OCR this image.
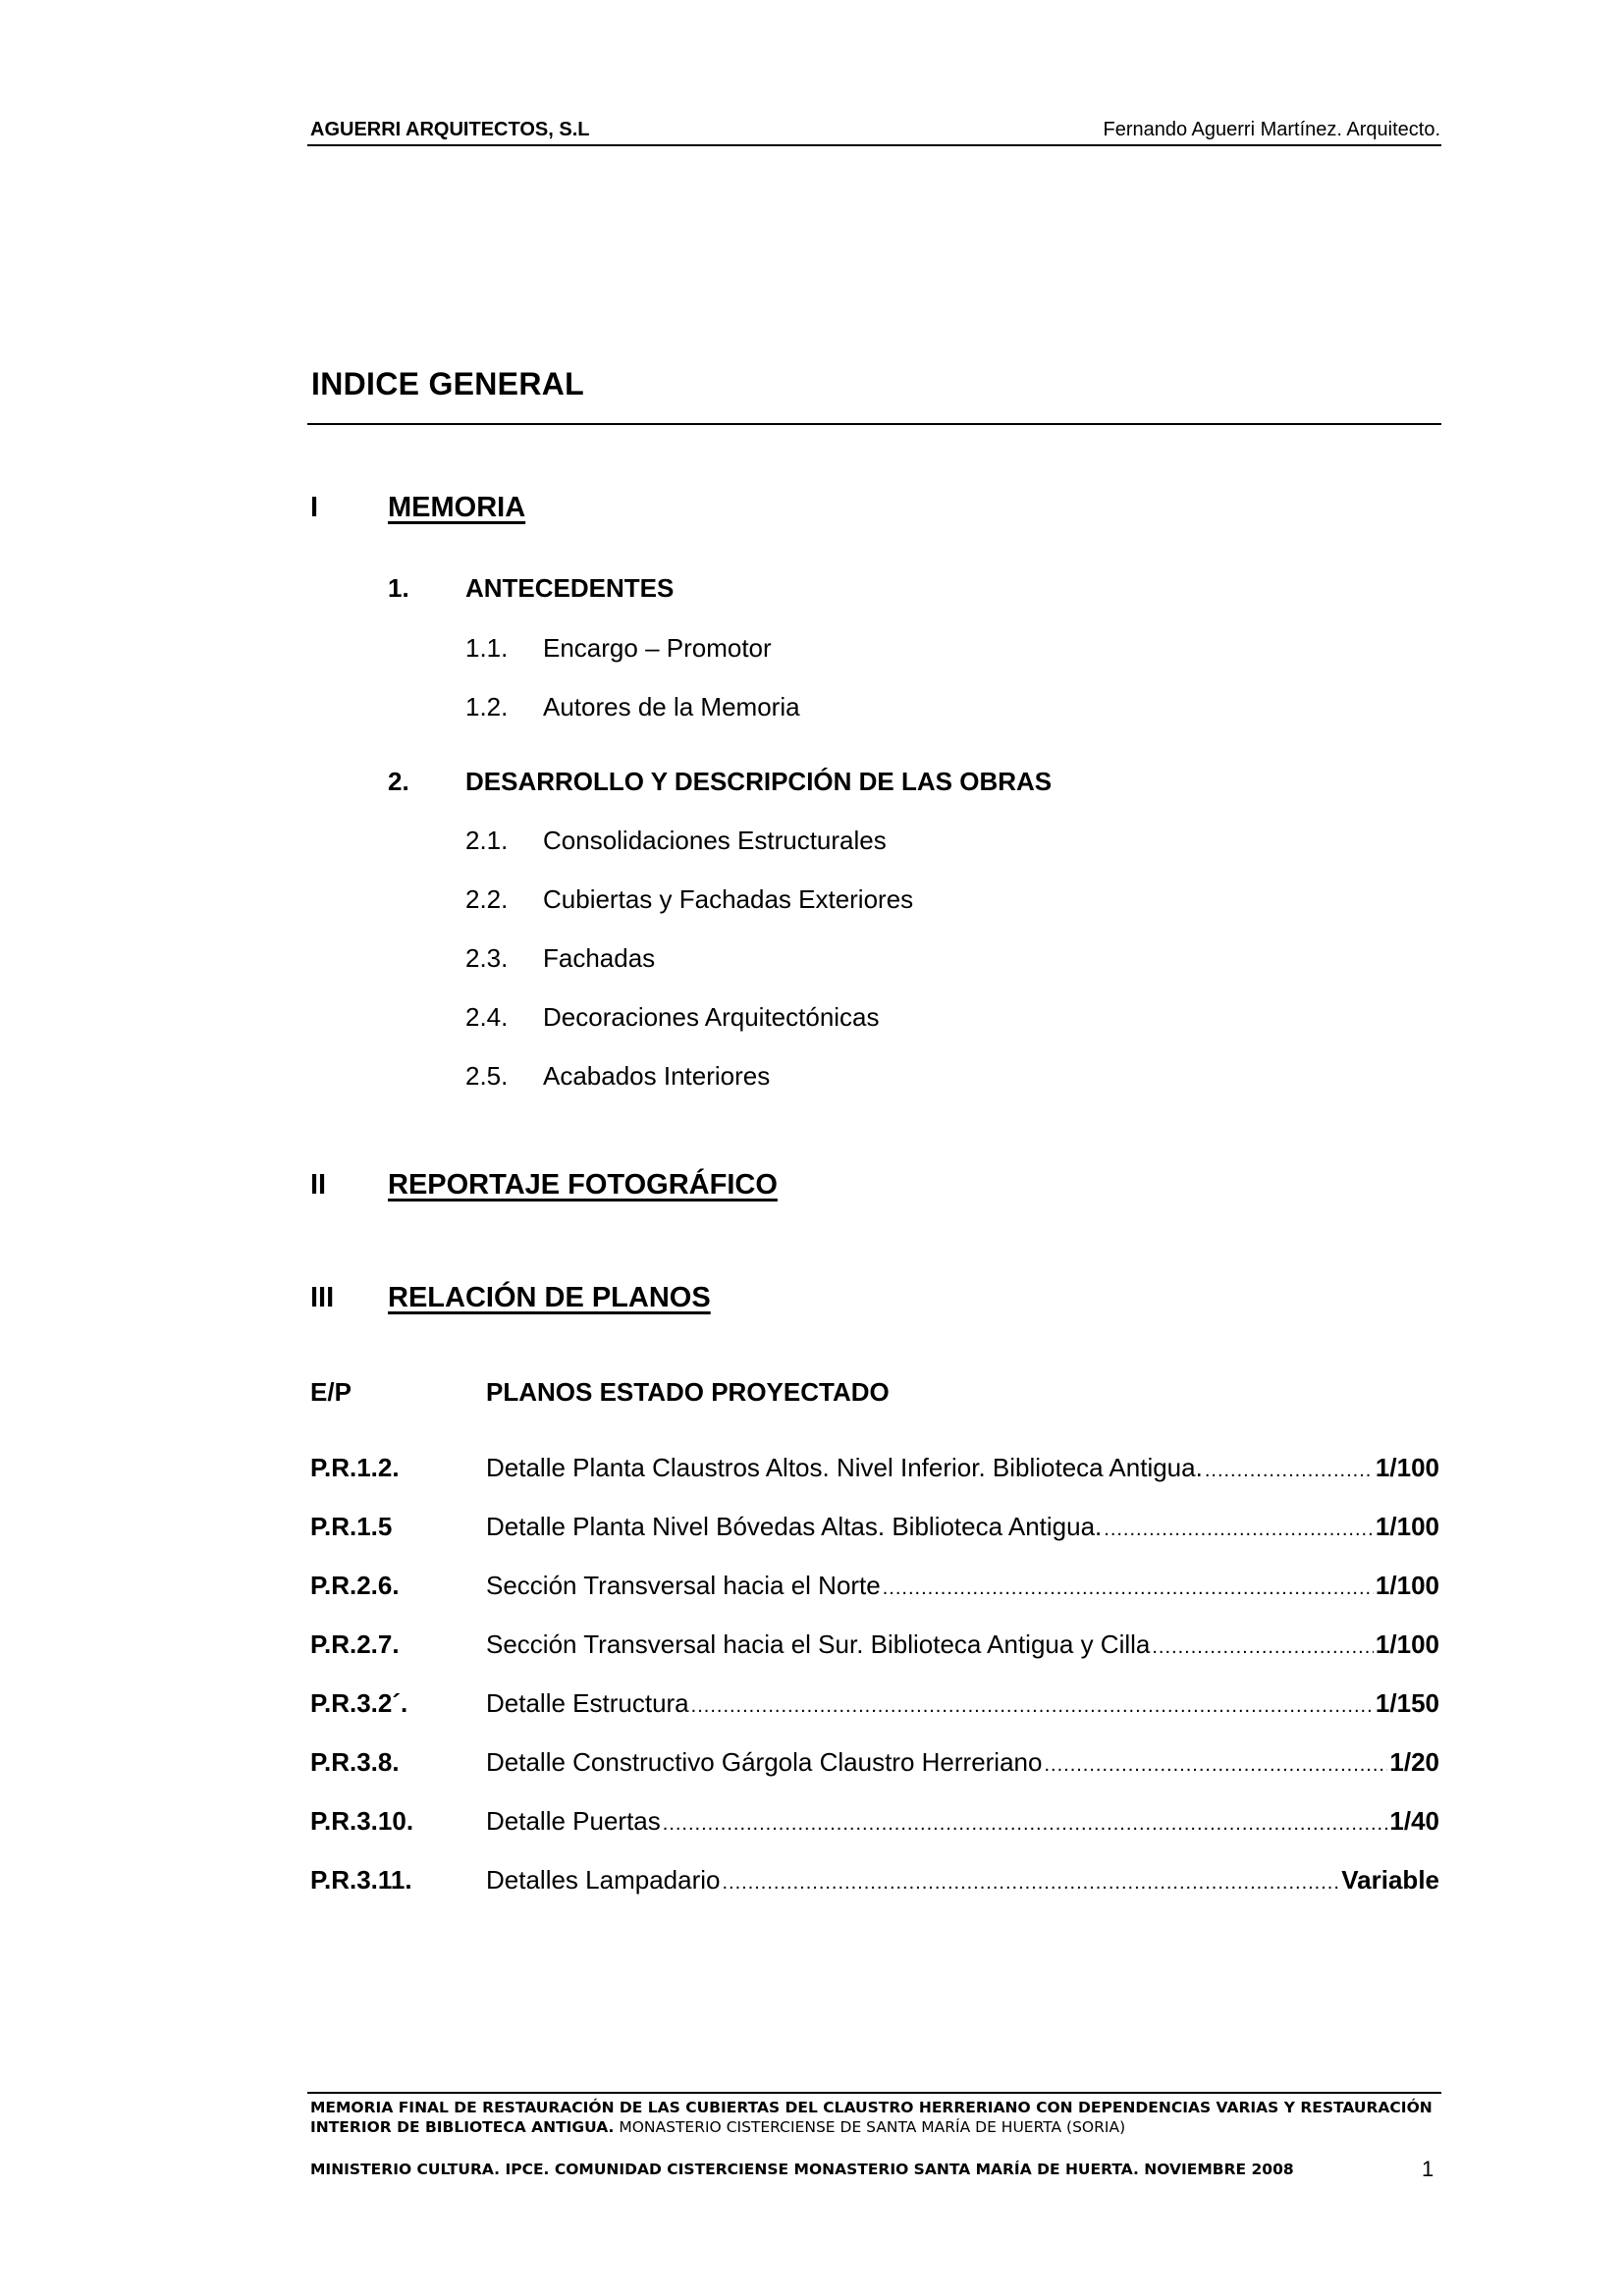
AGUERRI ARQUITECTOS, S.L	Fernando Aguerri Martínez. Arquitecto.
INDICE GENERAL
I MEMORIA
1. ANTECEDENTES
1.1. Encargo – Promotor
1.2. Autores de la Memoria
2. DESARROLLO Y DESCRIPCIÓN DE LAS OBRAS
2.1. Consolidaciones Estructurales
2.2. Cubiertas y Fachadas Exteriores
2.3. Fachadas
2.4. Decoraciones Arquitectónicas
2.5. Acabados Interiores
II REPORTAJE FOTOGRÁFICO
III RELACIÓN DE PLANOS
E/P	PLANOS ESTADO PROYECTADO
P.R.1.2.	Detalle Planta Claustros Altos. Nivel Inferior. Biblioteca Antigua. .....	1/100
P.R.1.5	Detalle Planta Nivel Bóvedas Altas. Biblioteca Antigua. .....	1/100
P.R.2.6.	Sección Transversal hacia el Norte .....	1/100
P.R.2.7.	Sección Transversal hacia el Sur. Biblioteca Antigua y Cilla .....	1/100
P.R.3.2´.	Detalle Estructura .....	1/150
P.R.3.8.	Detalle Constructivo Gárgola Claustro Herreriano .....	1/20
P.R.3.10.	Detalle Puertas .....	1/40
P.R.3.11.	Detalles Lampadario .....	Variable
MEMORIA FINAL DE RESTAURACIÓN DE LAS CUBIERTAS DEL CLAUSTRO HERRERIANO CON DEPENDENCIAS VARIAS Y RESTAURACIÓN
INTERIOR DE BIBLIOTECA ANTIGUA. MONASTERIO CISTERCIENSE DE SANTA MARÍA DE HUERTA (SORIA)
MINISTERIO CULTURA. IPCE. COMUNIDAD CISTERCIENSE MONASTERIO SANTA MARÍA DE HUERTA. NOVIEMBRE 2008	1
